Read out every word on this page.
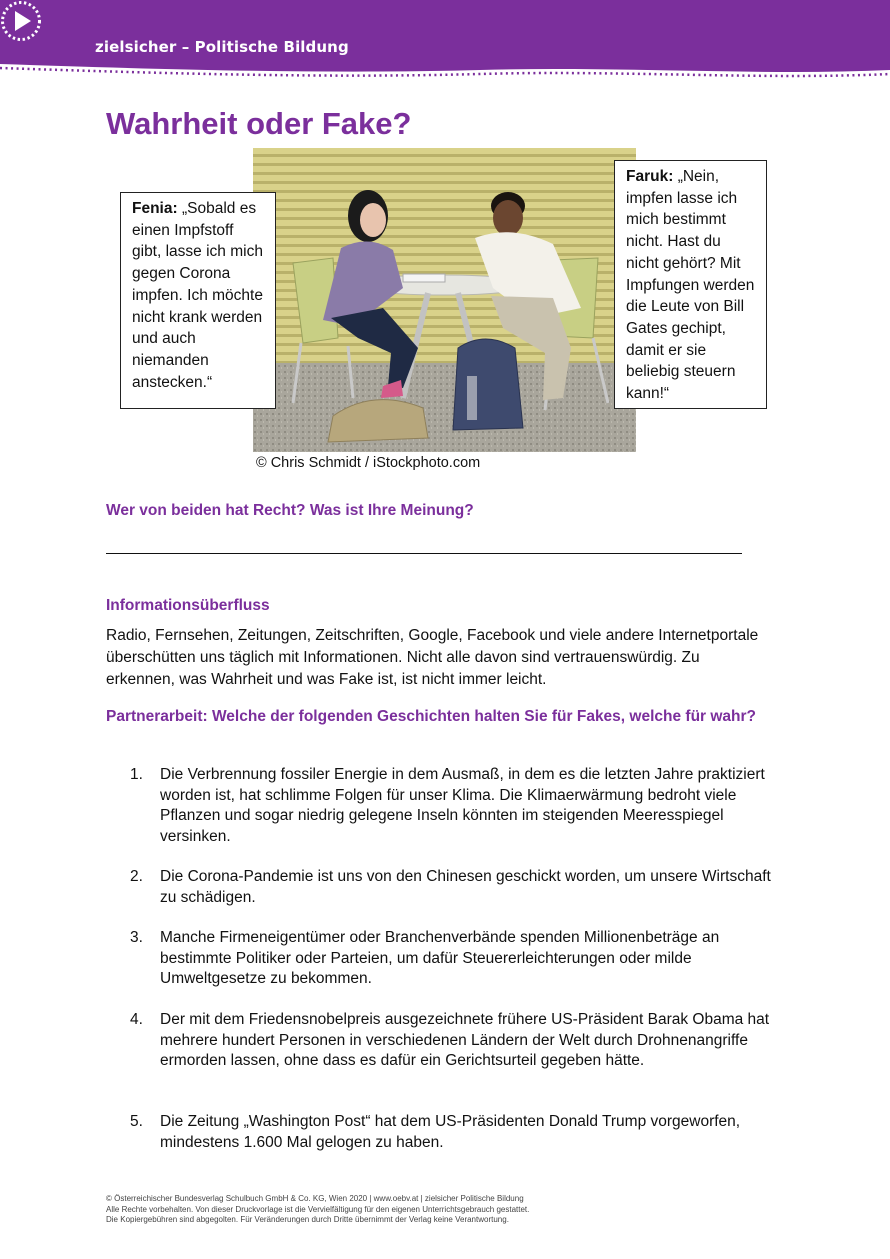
zielsicher – Politische Bildung
Wahrheit oder Fake?
© Chris Schmidt / iStockphoto.com
Fenia: „Sobald es einen Impfstoff gibt, lasse ich mich gegen Corona impfen. Ich möchte nicht krank werden und auch niemanden anstecken.“
Faruk: „Nein, impfen lasse ich mich bestimmt nicht. Hast du nicht gehört? Mit Impfungen werden die Leute von Bill Gates gechipt, damit er sie beliebig steuern kann!“
Wer von beiden hat Recht? Was ist Ihre Meinung?
Informationsüberfluss
Radio, Fernsehen, Zeitungen, Zeitschriften, Google, Facebook und viele andere Internetportale überschütten uns täglich mit Informationen. Nicht alle davon sind vertrauenswürdig. Zu erkennen, was Wahrheit und was Fake ist, ist nicht immer leicht.
Partnerarbeit: Welche der folgenden Geschichten halten Sie für Fakes, welche für wahr?
1.	Die Verbrennung fossiler Energie in dem Ausmaß, in dem es die letzten Jahre praktiziert worden ist, hat schlimme Folgen für unser Klima. Die Klimaerwärmung bedroht viele Pflanzen und sogar niedrig gelegene Inseln könnten im steigenden Meeresspiegel versinken.
2.	Die Corona-Pandemie ist uns von den Chinesen geschickt worden, um unsere Wirtschaft zu schädigen.
3.	Manche Firmeneigentümer oder Branchenverbände spenden Millionenbeträge an bestimmte Politiker oder Parteien, um dafür Steuererleichterungen oder milde Umweltgesetze zu bekommen.
4.	Der mit dem Friedensnobelpreis ausgezeichnete frühere US-Präsident Barak Obama hat mehrere hundert Personen in verschiedenen Ländern der Welt durch Drohnenangriffe ermorden lassen, ohne dass es dafür ein Gerichtsurteil gegeben hätte.
5.	Die Zeitung „Washington Post“ hat dem US-Präsidenten Donald Trump vorgeworfen, mindestens 1.600 Mal gelogen zu haben.
© Österreichischer Bundesverlag Schulbuch GmbH & Co. KG, Wien 2020 | www.oebv.at | zielsicher Politische Bildung
Alle Rechte vorbehalten. Von dieser Druckvorlage ist die Vervielfältigung für den eigenen Unterrichtsgebrauch gestattet.
Die Kopiergebühren sind abgegolten. Für Veränderungen durch Dritte übernimmt der Verlag keine Verantwortung.
